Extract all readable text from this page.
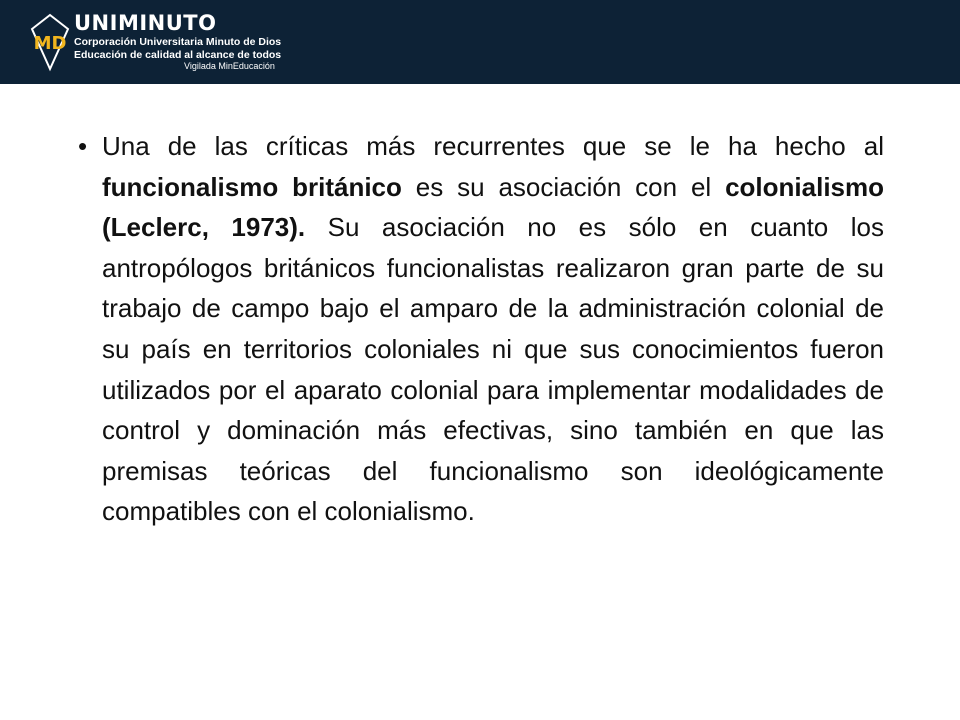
MD
UNIMINUTO
Corporación Universitaria Minuto de Dios
Educación de calidad al alcance de todos
Vigilada MinEducación
• Una de las críticas más recurrentes que se le ha hecho al funcionalismo británico es su asociación con el colonialismo (Leclerc, 1973). Su asociación no es sólo en cuanto los antropólogos británicos funcionalistas realizaron gran parte de su trabajo de campo bajo el amparo de la administración colonial de su país en territorios coloniales ni que sus conocimientos fueron utilizados por el aparato colonial para implementar modalidades de control y dominación más efectivas, sino también en que las premisas teóricas del funcionalismo son ideológicamente compatibles con el colonialismo.
